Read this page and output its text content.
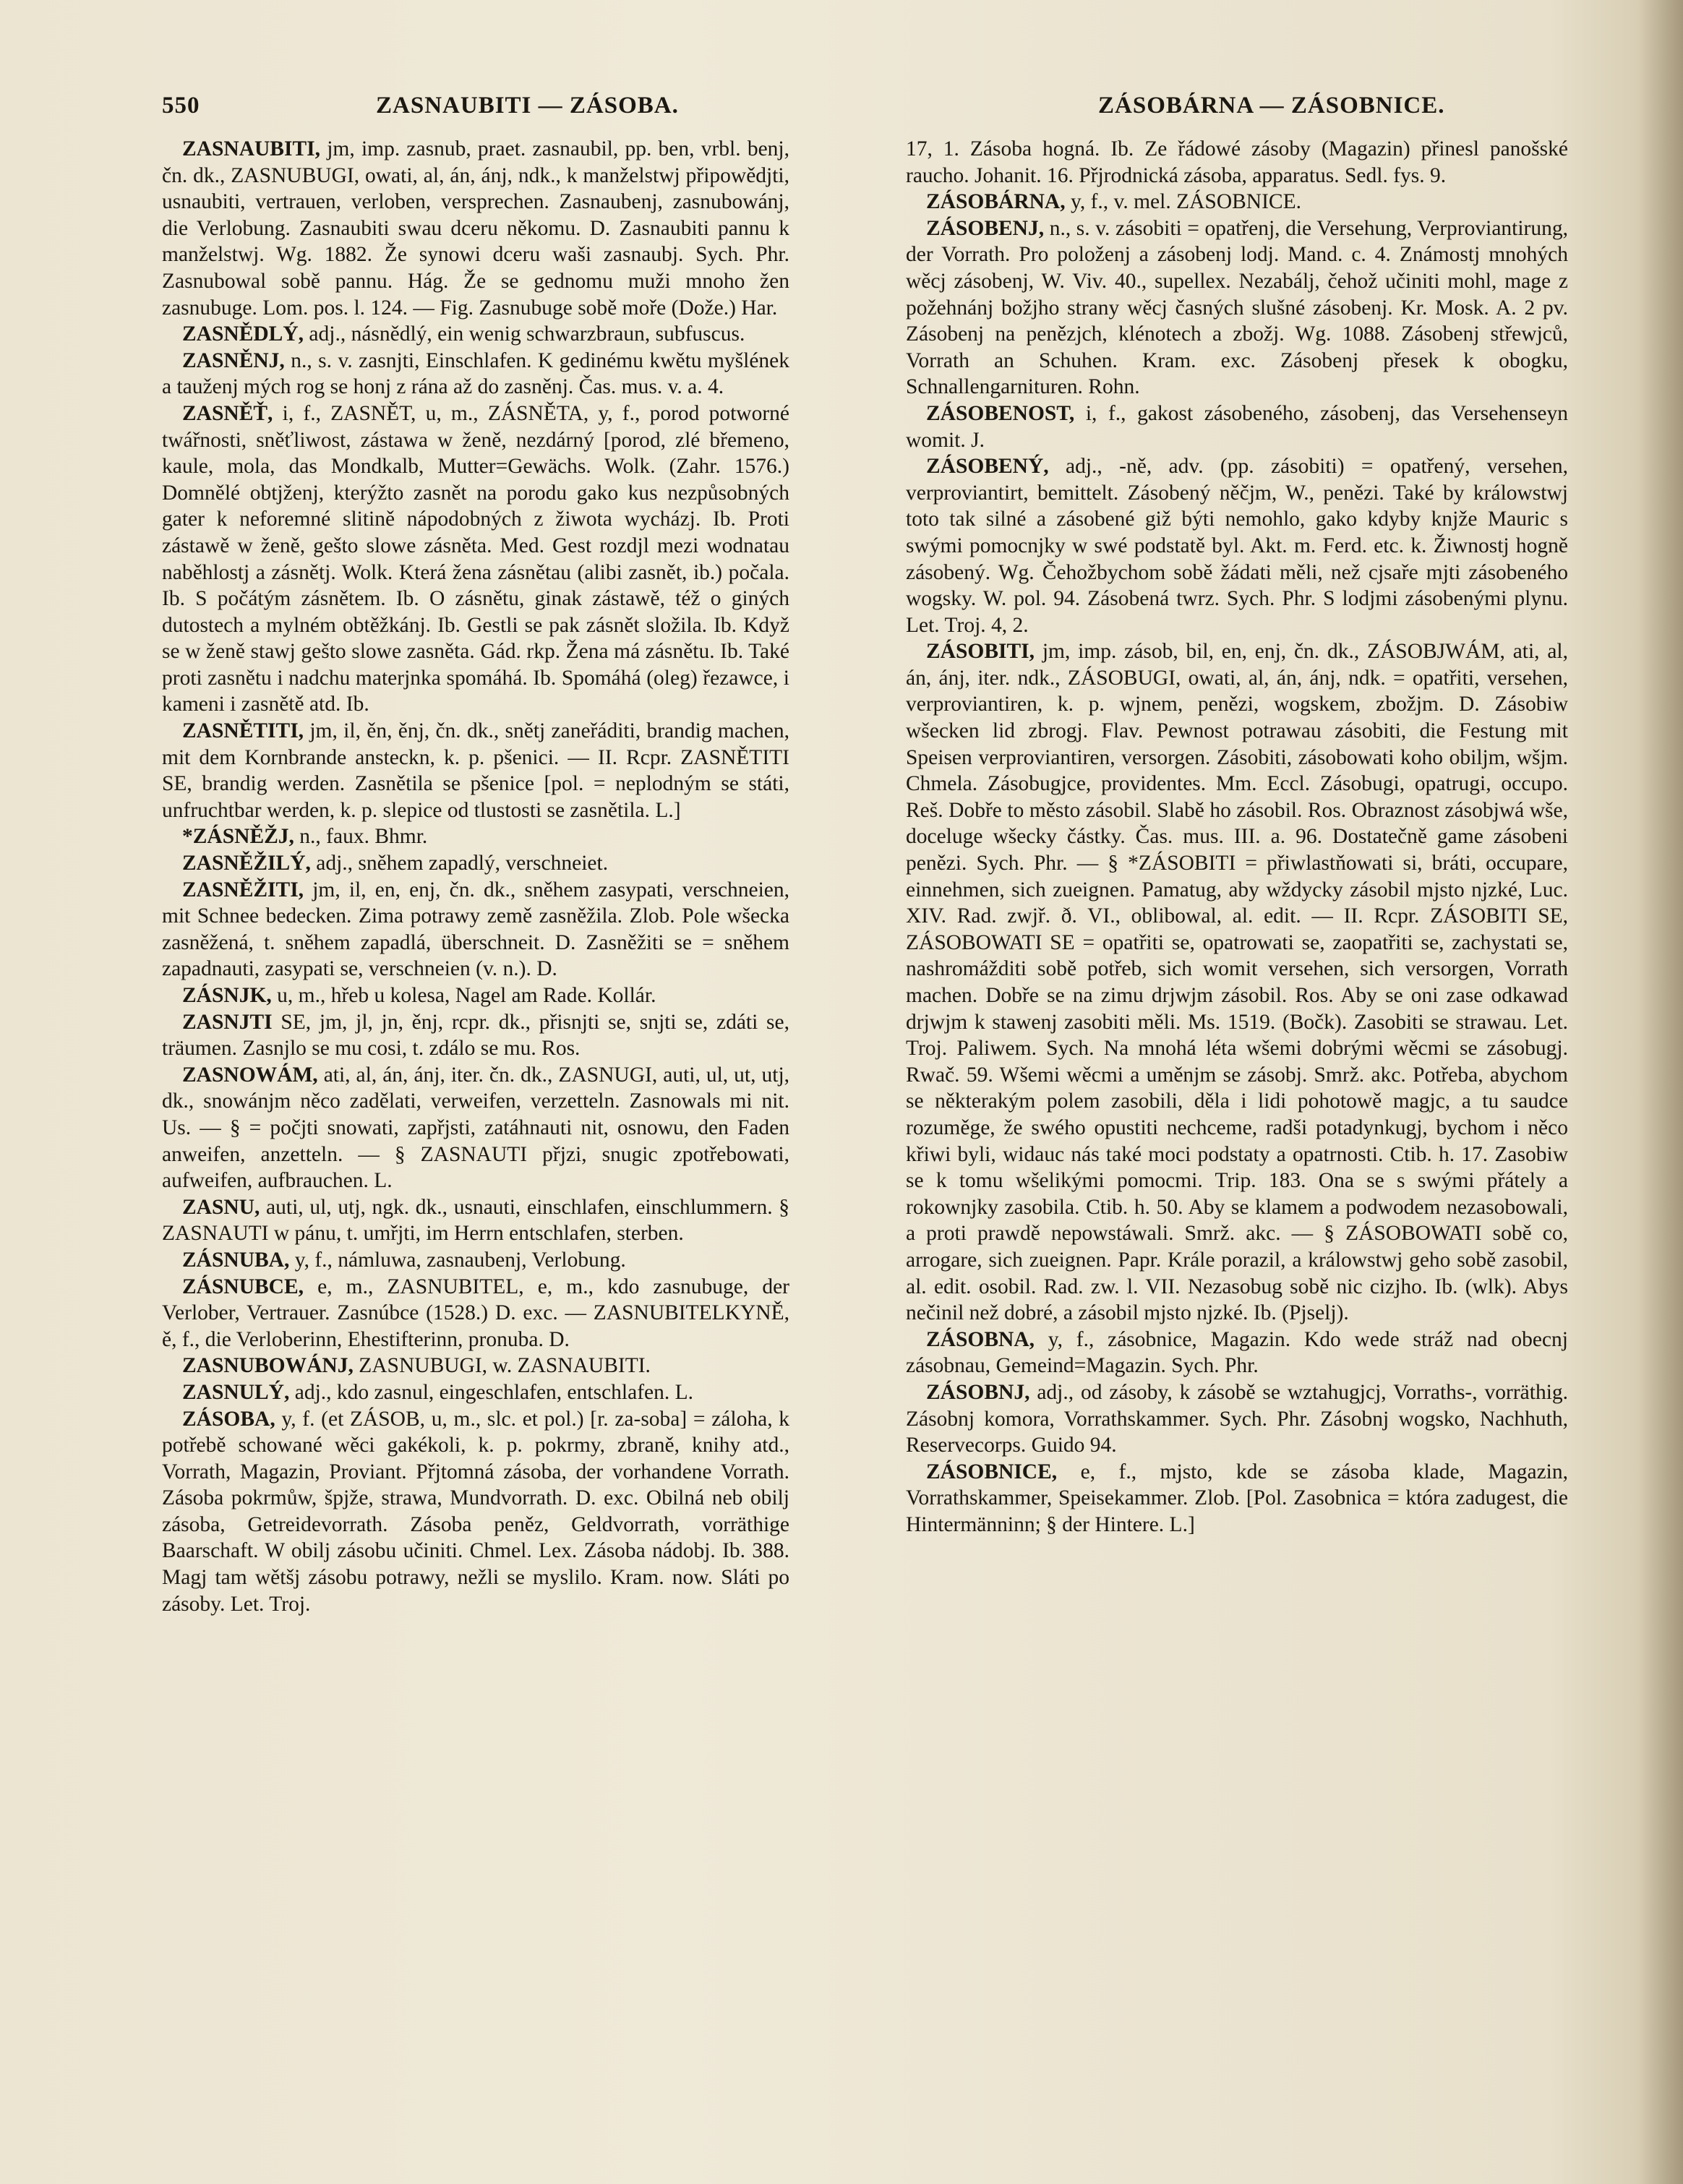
550	ZASNAUBITI — ZÁSOBA.	ZÁSOBÁRNA — ZÁSOBNICE.

ZASNAUBITI, jm, imp. zasnub, praet. zasnaubil, pp. ben, vrbl. benj, čn. dk., ZASNUBUGI, owati, al, án, ánj, ndk., k manželstwj připowědjti, usnaubiti, vertrauen, verloben, versprechen. Zasnaubenj, zasnubowánj, die Verlobung. Zasnaubiti swau dceru někomu. D. Zasnaubiti pannu k manželstwj. Wg. 1882. Že synowi dceru waši zasnaubj. Sych. Phr. Zasnubowal sobě pannu. Hág. Že se gednomu muži mnoho žen zasnubuge. Lom. pos. l. 124. — Fig. Zasnubuge sobě moře (Dože.) Har.

ZASNĚDLÝ, adj., násnědlý, ein wenig schwarzbraun, subfuscus.

ZASNĚNJ, n., s. v. zasnjti, Einschlafen. K gedinému kwětu myšlének a tauženj mých rog se honj z rána až do zasněnj. Čas. mus. v. a. 4.

ZASNĚŤ, i, f., ZASNĚT, u, m., ZÁSNĚTA, y, f., porod potworné twářnosti, sněťliwost, zástawa w ženě, nezdárný [porod, zlé břemeno, kaule, mola, das Mondkalb, Mutter=Gewächs. Wolk. (Zahr. 1576.) Domnělé obtjženj, kterýžto zasnět na porodu gako kus nezpůsobných gater k neforemné slitině nápodobných z žiwota wycházj. Ib. Proti zástawě w ženě, gešto slowe zásněta. Med. Gest rozdjl mezi wodnatau naběhlostj a zásnětj. Wolk. Která žena zásnětau (alibi zasnět, ib.) počala. Ib. S počátým zásnětem. Ib. O zásnětu, ginak zástawě, též o giných dutostech a mylném obtěžkánj. Ib. Gestli se pak zásnět složila. Ib. Když se w ženě stawj gešto slowe zasněta. Gád. rkp. Žena má zásnětu. Ib. Také proti zasnětu i nadchu materjnka spomáhá. Ib. Spomáhá (oleg) řezawce, i kameni i zasnětě atd. Ib.

ZASNĚTITI, jm, il, ěn, ěnj, čn. dk., snětj zaneřáditi, brandig machen, mit dem Kornbrande ansteckn, k. p. pšenici. — II. Rcpr. ZASNĚTITI SE, brandig werden. Zasnětila se pšenice [pol. = neplodným se státi, unfruchtbar werden, k. p. slepice od tlustosti se zasnětila. L.]

*ZÁSNĚŽJ, n., faux. Bhmr.

ZASNĚŽILÝ, adj., sněhem zapadlý, verschneiet.

ZASNĚŽITI, jm, il, en, enj, čn. dk., sněhem zasypati, verschneien, mit Schnee bedecken. Zima potrawy země zasněžila. Zlob. Pole wšecka zasněžená, t. sněhem zapadlá, überschneit. D. Zasněžiti se = sněhem zapadnauti, zasypati se, verschneien (v. n.). D.

ZÁSNJK, u, m., hřeb u kolesa, Nagel am Rade. Kollár.

ZASNJTI SE, jm, jl, jn, ěnj, rcpr. dk., přisnjti se, snjti se, zdáti se, träumen. Zasnjlo se mu cosi, t. zdálo se mu. Ros.

ZASNOWÁM, ati, al, án, ánj, iter. čn. dk., ZASNUGI, auti, ul, ut, utj, dk., snowánjm něco zadělati, verweifen, verzetteln. Zasnowals mi nit. Us. — § = počjti snowati, zapřjsti, zatáhnauti nit, osnowu, den Faden anweifen, anzetteln. — § ZASNAUTI přjzi, snugic zpotřebowati, aufweifen, aufbrauchen. L.

ZASNU, auti, ul, utj, ngk. dk., usnauti, einschlafen, einschlummern. § ZASNAUTI w pánu, t. umřjti, im Herrn entschlafen, sterben.

ZÁSNUBA, y, f., námluwa, zasnaubenj, Verlobung.

ZÁSNUBCE, e, m., ZASNUBITEL, e, m., kdo zasnubuge, der Verlober, Vertrauer. Zasnúbce (1528.) D. exc. — ZASNUBITELKYNĚ, ě, f., die Verloberinn, Ehestifterinn, pronuba. D.

ZASNUBOWÁNJ, ZASNUBUGI, w. ZASNAUBITI.

ZASNULÝ, adj., kdo zasnul, eingeschlafen, entschlafen. L.

ZÁSOBA, y, f. (et ZÁSOB, u, m., slc. et pol.) [r. za-soba] = záloha, k potřebě schowané wěci gakékoli, k. p. pokrmy, zbraně, knihy atd., Vorrath, Magazin, Proviant. Přjtomná zásoba, der vorhandene Vorrath. Zásoba pokrmůw, špjže, strawa, Mundvorrath. D. exc. Obilná neb obilj zásoba, Getreidevorrath. Zásoba peněz, Geldvorrath, vorräthige Baarschaft. W obilj zásobu učiniti. Chmel. Lex. Zásoba nádobj. Ib. 388. Magj tam wětšj zásobu potrawy, nežli se myslilo. Kram. now. Sláti po zásoby. Let. Troj.

17, 1. Zásoba hogná. Ib. Ze řádowé zásoby (Magazin) přinesl panošské raucho. Johanit. 16. Přjrodnická zásoba, apparatus. Sedl. fys. 9.

ZÁSOBÁRNA, y, f., v. mel. ZÁSOBNICE.

ZÁSOBENJ, n., s. v. zásobiti = opatřenj, die Versehung, Verproviantirung, der Vorrath. Pro položenj a zásobenj lodj. Mand. c. 4. Známostj mnohých wěcj zásobenj, W. Viv. 40., supellex. Nezabálj, čehož učiniti mohl, mage z požehnánj božjho strany wěcj časných slušné zásobenj. Kr. Mosk. A. 2 pv. Zásobenj na penězjch, klénotech a zbožj. Wg. 1088. Zásobenj střewjců, Vorrath an Schuhen. Kram. exc. Zásobenj přesek k obogku, Schnallengarnituren. Rohn.

ZÁSOBENOST, i, f., gakost zásobeného, zásobenj, das Versehenseyn womit. J.

ZÁSOBENÝ, adj., -ně, adv. (pp. zásobiti) = opatřený, versehen, verproviantirt, bemittelt. Zásobený něčjm, W., penězi. Také by králowstwj toto tak silné a zásobené giž býti nemohlo, gako kdyby knjže Mauric s swými pomocnjky w swé podstatě byl. Akt. m. Ferd. etc. k. Žiwnostj hogně zásobený. Wg. Čehožbychom sobě žádati měli, než cjsaře mjti zásobeného wogsky. W. pol. 94. Zásobená twrz. Sych. Phr. S lodjmi zásobenými plynu. Let. Troj. 4, 2.

ZÁSOBITI, jm, imp. zásob, bil, en, enj, čn. dk., ZÁSOBJWÁM, ati, al, án, ánj, iter. ndk., ZÁSOBUGI, owati, al, án, ánj, ndk. = opatřiti, versehen, verproviantiren, k. p. wjnem, penězi, wogskem, zbožjm. D. Zásobiw wšecken lid zbrogj. Flav. Pewnost potrawau zásobiti, die Festung mit Speisen verproviantiren, versorgen. Zásobiti, zásobowati koho obiljm, wšjm. Chmela. Zásobugjce, providentes. Mm. Eccl. Zásobugi, opatrugi, occupo. Reš. Dobře to město zásobil. Slabě ho zásobil. Ros. Obraznost zásobjwá wše, doceluge wšecky částky. Čas. mus. III. a. 96. Dostatečně game zásobeni penězi. Sych. Phr. — § *ZÁSOBITI = přiwlastňowati si, bráti, occupare, einnehmen, sich zueignen. Pamatug, aby wždycky zásobil mjsto njzké, Luc. XIV. Rad. zwjř. ð. VI., oblibowal, al. edit. — II. Rcpr. ZÁSOBITI SE, ZÁSOBOWATI SE = opatřiti se, opatrowati se, zaopatřiti se, zachystati se, nashromážditi sobě potřeb, sich womit versehen, sich versorgen, Vorrath machen. Dobře se na zimu drjwjm zásobil. Ros. Aby se oni zase odkawad drjwjm k stawenj zasobiti měli. Ms. 1519. (Bočk). Zasobiti se strawau. Let. Troj. Paliwem. Sych. Na mnohá léta wšemi dobrými wěcmi se zásobugj. Rwač. 59. Wšemi wěcmi a uměnjm se zásobj. Smrž. akc. Potřeba, abychom se některakým polem zasobili, děla i lidi pohotowě magjc, a tu saudce rozuměge, že swého opustiti nechceme, radši potadynkugj, bychom i něco křiwi byli, widauc nás také moci podstaty a opatrnosti. Ctib. h. 17. Zasobiw se k tomu wšelikými pomocmi. Trip. 183. Ona se s swými přátely a rokownjky zasobila. Ctib. h. 50. Aby se klamem a podwodem nezasobowali, a proti prawdě nepowstáwali. Smrž. akc. — § ZÁSOBOWATI sobě co, arrogare, sich zueignen. Papr. Krále porazil, a králowstwj geho sobě zasobil, al. edit. osobil. Rad. zw. l. VII. Nezasobug sobě nic cizjho. Ib. (wlk). Abys nečinil než dobré, a zásobil mjsto njzké. Ib. (Pjselj).

ZÁSOBNA, y, f., zásobnice, Magazin. Kdo wede stráž nad obecnj zásobnau, Gemeind=Magazin. Sych. Phr.

ZÁSOBNJ, adj., od zásoby, k zásobě se wztahugjcj, Vorraths-, vorräthig. Zásobnj komora, Vorrathskammer. Sych. Phr. Zásobnj wogsko, Nachhuth, Reservecorps. Guido 94.

ZÁSOBNICE, e, f., mjsto, kde se zásoba klade, Magazin, Vorrathskammer, Speisekammer. Zlob. [Pol. Zasobnica = która zadugest, die Hintermänninn; § der Hintere. L.]
